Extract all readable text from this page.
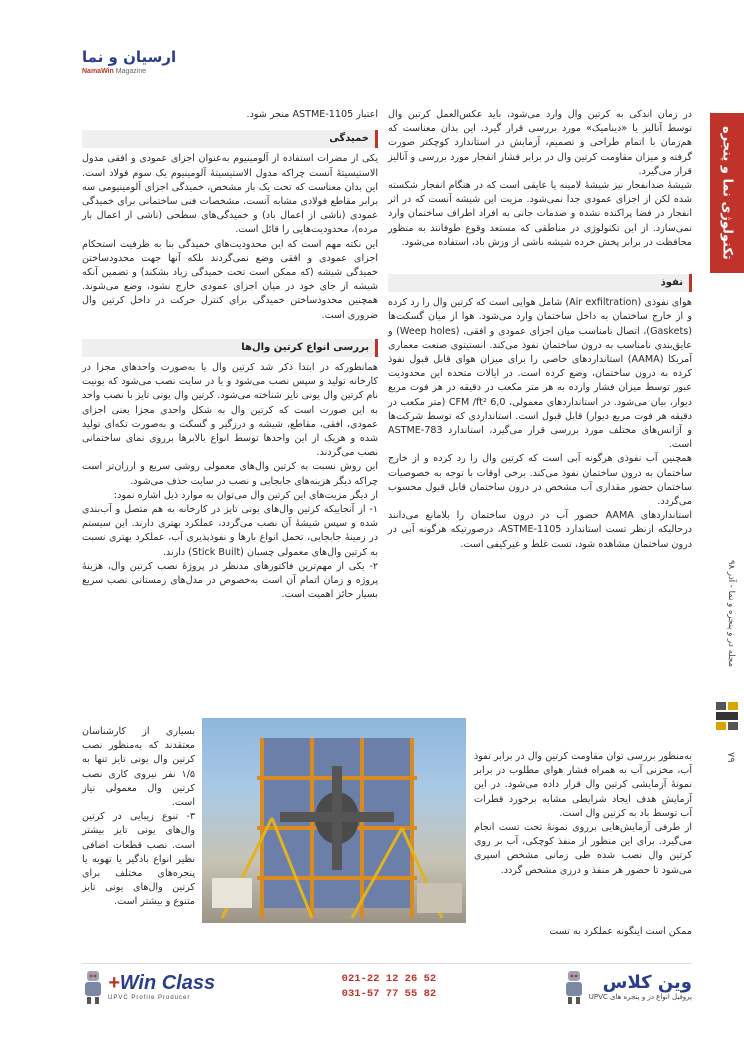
تکنولوژی نما و پنجره
مجله در و پنجره و نما - آذر ۹۸
۷۹
ارسیان و نما
NamaWin Magazine

در زمان اندکی به کرتین وال وارد می‌شود، باید عکس‌العمل کرتین وال توسط آنالیز یا «دینامیک» مورد بررسی قرار گیرد. این بدان معناست که هم‌زمان با اتمام طراحی و تصمیم، آزمایش در استاندارد کوچکتر صورت گرفته و میزان مقاومت کرتین وال در برابر فشار انفجار مورد بررسی و آنالیز قرار می‌گیرد.

شیشهٔ ضدانفجار نیز شیشهٔ لامینه یا عایقی است که در هنگام انفجار شکسته شده لکن از اجزای عمودی جدا نمی‌شود. مزیت این شیشه آنست که در اثر انفجار در فضا پراکنده نشده و صدمات جانی به افراد اطراف ساختمان وارد نمی‌سازد. از این تکنولوژی در مناطقی که مستعد وقوع طوفانند به منظور محافظت در برابر پخش خرده شیشه ناشی از وزش باد، استفاده می‌شود.

نفوذ

هوای نفوذی (Air exfiltration) شامل هوایی است که کرتین وال را رد کرده و از خارج ساختمان به داخل ساختمان وارد می‌شود. هوا از میان گسکت‌ها (Gaskets)، اتصال نامناسب میان اجزای عمودی و افقی، (Weep holes) و عایق‌بندی نامناسب به درون ساختمان نفوذ می‌کند. انستیتوی صنعت معماری آمریکا (AAMA) استانداردهای خاصی را برای میزان هوای قابل قبول نفوذ کرده به درون ساختمان، وضع کرده است. در ایالات متحده این محدودیت عبور توسط میزان فشار وارده به هر متر مکعب در دقیقه در هر فوت مربع دیوار، بیان می‌شود. در استانداردهای معمولی، 6,0 CFM /ft² (متر مکعب در دقیقه هر فوت مربع دیوار) قابل قبول است. استانداردی که توسط شرکت‌ها و آژانس‌های مختلف مورد بررسی قرار می‌گیرد، استاندارد 783-ASTME است.

همچنین آب نفوذی هرگونه آبی است که کرتین وال را رد کرده و از خارج ساختمان به درون ساختمان نفوذ می‌کند. برخی اوقات با توجه به خصوصیات ساختمان حضور مقداری آب مشخص در درون ساختمان قابل قبول محسوب می‌گردد.

استانداردهای AAMA حضور آب در درون ساختمان را بلامانع می‌دانند درحالیکه ازنظر تست استاندارد 1105-ASTME، درصورتیکه هرگونه آبی در درون ساختمان مشاهده شود، تست غلط و غیرکیفی است.

به‌منظور بررسی توان مقاومت کرتین وال در برابر نفوذ آب، مخزنی آب به همراه فشار هوای مطلوب در برابر نمونهٔ آزمایشی کرتین وال قرار داده می‌شود. در این آزمایش هدف ایجاد شرایطی مشابه برخورد قطرات آب توسط باد به کرتین وال است.

از طرفی آزمایش‌هایی برروی نمونهٔ تحت تست انجام می‌گیرد. برای این منظور از منفذ کوچکی، آب بر روی کرتین وال نصب شده طی زمانی مشخص اسپری می‌شود تا حضور هر منفذ و درزی مشخص گردد.

ممکن است اینگونه عملکرد به تست

اعتبار 1105-ASTME منجر شود.

خمیدگی

یکی از مضرات استفاده از آلومینیوم به‌عنوان اجزای عمودی و افقی مدول الاستیسیتهٔ آنست چراکه مدول الاستیسیتهٔ آلومینیوم یک سوم فولاد است. این بدان معناست که تحت یک بار مشخص، خمیدگی اجزای آلومینیومی سه برابر مقاطع فولادی مشابه آنست. مشخصات فنی ساختمانی برای خمیدگی عمودی (ناشی از اعمال باد) و خمیدگی‌های سطحی (ناشی از اعمال بار مرده)، محدودیت‌هایی را قائل است.

این نکته مهم است که این محدودیت‌های خمیدگی بنا به ظرفیت استحکام اجزای عمودی و افقی وضع نمی‌گردند بلکه آنها جهت محدودساختن خمیدگی شیشه (که ممکن است تحت خمیدگی زیاد بشکند) و تضمین آنکه شیشه از جای خود در میان اجزای عمودی خارج نشود، وضع می‌شوند. همچنین محدودساختن خمیدگی برای کنترل حرکت در داخل کرتین وال ضروری است.

بررسی انواع کرتین وال‌ها

همانطورکه در ابتدا ذکر شد کرتین وال یا به‌صورت واحدهای مجزا در کارخانه تولید و سپس نصب می‌شود و یا در سایت نصب می‌شود که یونیت نام کرتین وال یونی تایز شناخته می‌شود. کرتین وال یونی تایز با نصب واحد به این صورت است که کرتین وال به شکل واحدی مجزا یعنی اجزای عمودی، افقی، مقاطع، شیشه و درزگیر و گسکت و به‌صورت تکه‌ای تولید شده و هریک از این واحدها توسط انواع بالابرها برروی نمای ساختمانی نصب می‌گردند.

این روش نسبت به کرتین وال‌های معمولی روشی سریع و ارزان‌تر است چراکه دیگر هزینه‌های جابجایی و نصب در سایت حذف می‌شود.

از دیگر مزیت‌های این کرتین وال می‌توان به موارد ذیل اشاره نمود:

۱- از آنجاییکه کرتین وال‌های یونی تایز در کارخانه به هم متصل و آب‌بندی شده و سپس شیشهٔ آن نصب می‌گردد، عملکرد بهتری دارند. این سیستم در زمینهٔ جابجایی، تحمل انواع بارها و نفوذپذیری آب، عملکرد بهتری نسبت به کرتین وال‌های معمولی چسبان (Stick Built) دارند.

۲- یکی از مهم‌ترین فاکتورهای مدنظر در پروژهٔ نصب کرتین وال، هزینهٔ پروژه و زمان اتمام آن است به‌خصوص در مدل‌های زمستانی نصب سریع بسیار حائز اهمیت است.

بسیاری از کارشناسان معتقدند که به‌منظور نصب کرتین وال یونی تایز تنها به ۱/۵ نفر نیروی کاری نصب کرتین وال معمولی نیاز است.

۳- تنوع زیبایی در کرتین وال‌های یونی تایز بیشتر است. نصب قطعات اضافی نظیر انواع بادگیر یا تهویه یا پنجره‌های مختلف برای کرتین وال‌های یونی تایز متنوع و بیشتر است.

+Win Class
UPVC Profile Producer
021-22 12 26 52
031-57 77 55 82
وین کلاس
پروفیل انواع در و پنجره های UPVC
